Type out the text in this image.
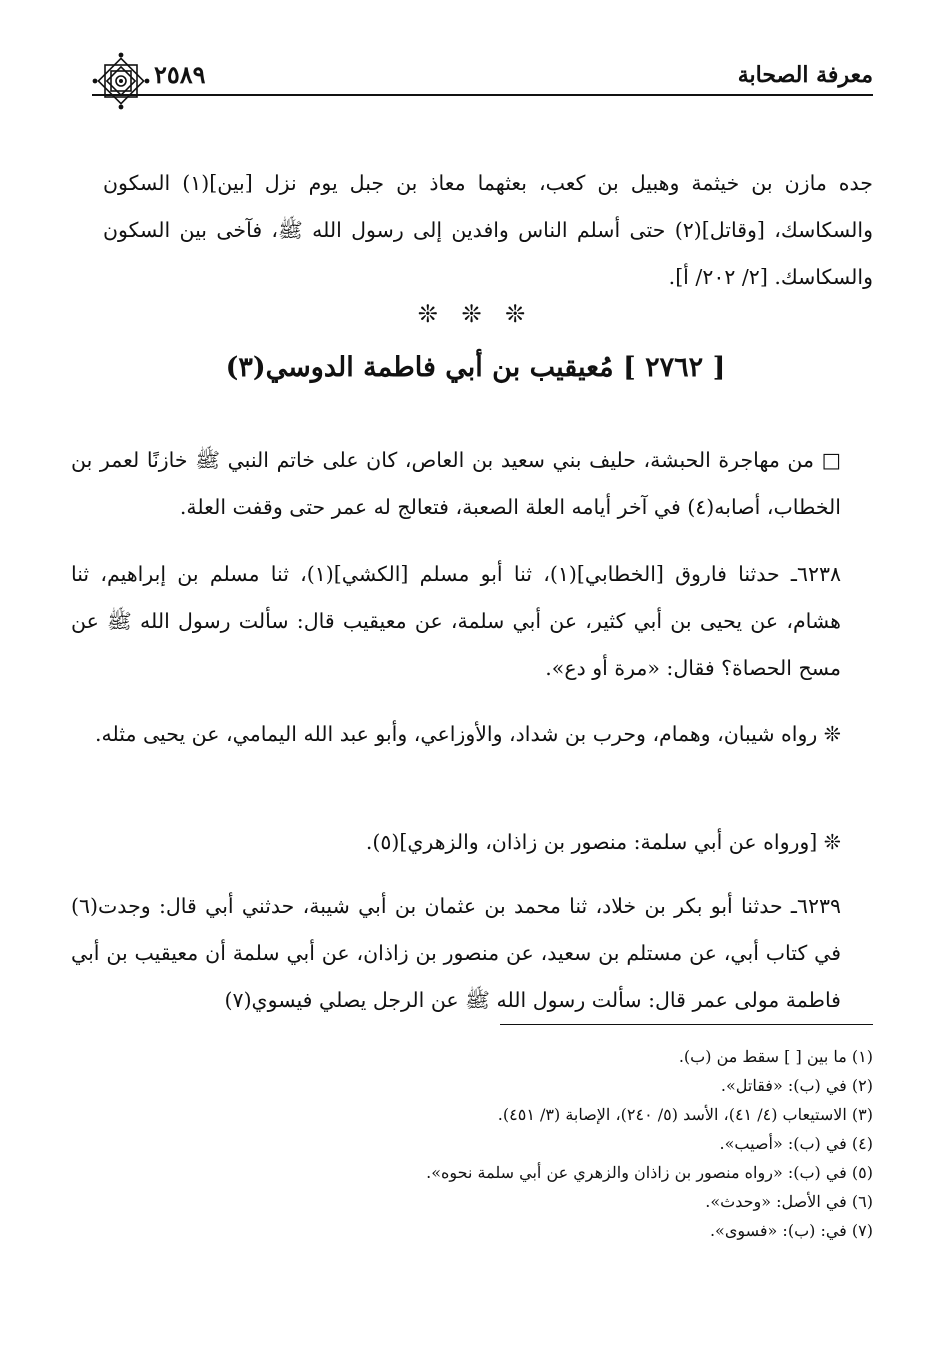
معرفة الصحابة
٢٥٨٩

جده مازن بن خيثمة وهبيل بن كعب، بعثهما معاذ بن جبل يوم نزل [بين](١) السكون والسكاسك، [وقاتل](٢) حتى أسلم الناس وافدين إلى رسول الله ﷺ، فآخى بين السكون والسكاسك. [٢/ ٢٠٢/ أ].

❊ ❊ ❊
[ ٢٧٦٢ ] مُعيقيب بن أبي فاطمة الدوسي(٣)

□ من مهاجرة الحبشة، حليف بني سعيد بن العاص، كان على خاتم النبي ﷺ خازنًا لعمر بن الخطاب، أصابه(٤) في آخر أيامه العلة الصعبة، فتعالج له عمر حتى وقفت العلة.

٦٢٣٨ـ حدثنا فاروق [الخطابي](١)، ثنا أبو مسلم [الكشي](١)، ثنا مسلم بن إبراهيم، ثنا هشام، عن يحيى بن أبي كثير، عن أبي سلمة، عن معيقيب قال: سألت رسول الله ﷺ عن مسح الحصاة؟ فقال: «مرة أو دع».

❊ رواه شيبان، وهمام، وحرب بن شداد، والأوزاعي، وأبو عبد الله اليمامي، عن يحيى مثله.

❊ [ورواه عن أبي سلمة: منصور بن زاذان، والزهري](٥).

٦٢٣٩ـ حدثنا أبو بكر بن خلاد، ثنا محمد بن عثمان بن أبي شيبة، حدثني أبي قال: وجدت(٦) في كتاب أبي، عن مستلم بن سعيد، عن منصور بن زاذان، عن أبي سلمة أن معيقيب بن أبي فاطمة مولى عمر قال: سألت رسول الله ﷺ عن الرجل يصلي فيسوي(٧)

(١) ما بين [ ] سقط من (ب).
(٢) في (ب): «فقاتل».
(٣) الاستيعاب (٤/ ٤١)، الأسد (٥/ ٢٤٠)، الإصابة (٣/ ٤٥١).
(٤) في (ب): «أصيب».
(٥) في (ب): «رواه منصور بن زاذان والزهري عن أبي سلمة نحوه».
(٦) في الأصل: «وحدث».
(٧) في: (ب): «فسوى».
